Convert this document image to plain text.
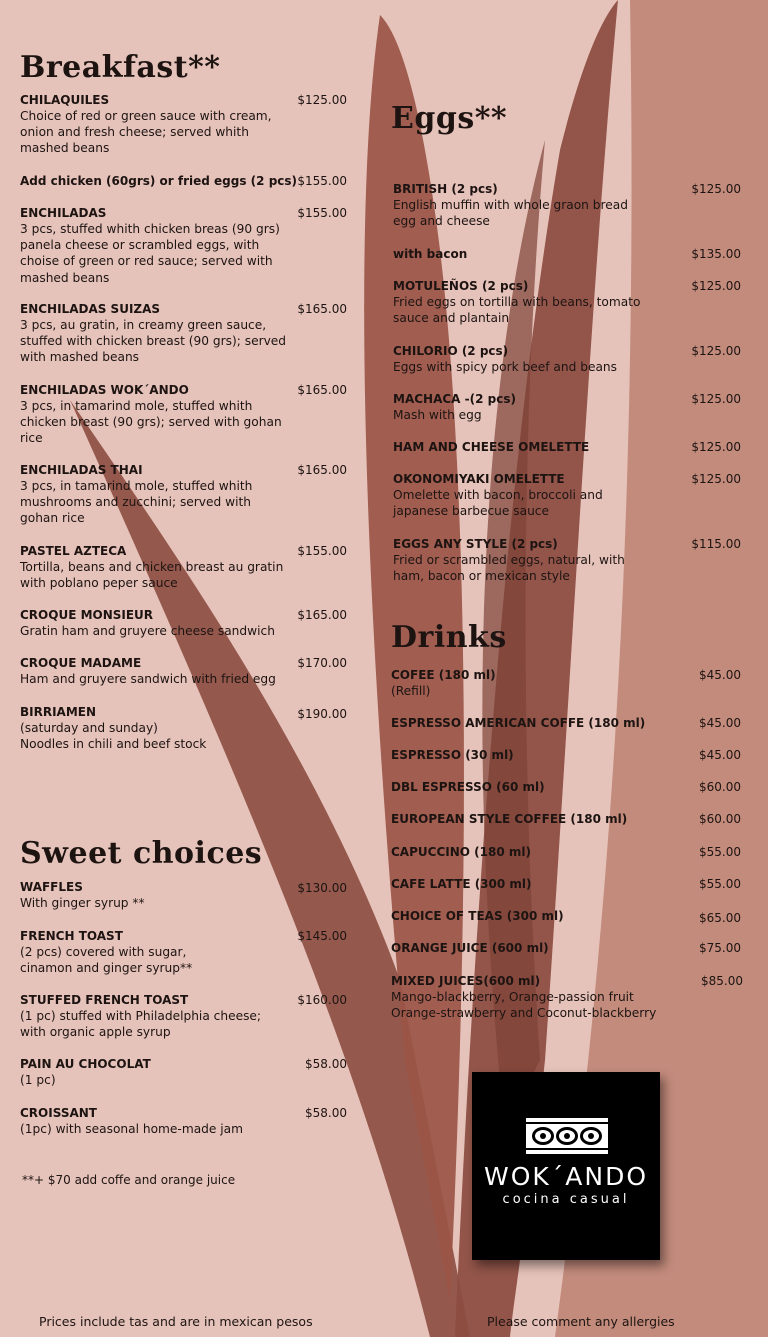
Breakfast**
CHILAQUILES
Choice of red or green sauce with cream, onion and fresh cheese; served whith mashed beans
$125.00
Add chicken (60grs) or fried eggs (2 pcs) $155.00
ENCHILADAS
3 pcs, stuffed whith chicken breas (90 grs) panela cheese or scrambled eggs, with choise of green or red sauce; served with mashed beans
$155.00
ENCHILADAS SUIZAS
3 pcs, au gratin, in creamy green sauce, stuffed with chicken breast (90 grs); served with mashed beans
$165.00
ENCHILADAS WOK´ANDO
3 pcs, in tamarind mole, stuffed whith chicken breast (90 grs); served with gohan rice
$165.00
ENCHILADAS THAI
3 pcs, in tamarind mole, stuffed whith mushrooms and zucchini; served with gohan rice
$165.00
PASTEL AZTECA
Tortilla, beans and chicken breast au gratin with poblano peper sauce
$155.00
CROQUE MONSIEUR
Gratin ham and gruyere cheese sandwich
$165.00
CROQUE MADAME
Ham and gruyere sandwich with fried egg
$170.00
BIRRIAMEN
(saturday and sunday)
Noodles in chili and beef stock
$190.00
Sweet choices
WAFFLES
With ginger syrup **
$130.00
FRENCH TOAST
(2 pcs) covered with sugar, cinamon and ginger syrup**
$145.00
STUFFED FRENCH TOAST
(1 pc) stuffed with Philadelphia cheese; with organic apple syrup
$160.00
PAIN AU CHOCOLAT
(1 pc)
$58.00
CROISSANT
(1pc) with seasonal home-made jam
$58.00
**+ $70 add coffe and orange juice
Eggs**
BRITISH (2 pcs)
English muffin with whole graon bread egg and cheese
$125.00
with bacon	$135.00
MOTULEÑOS (2 pcs)
Fried eggs on tortilla with beans, tomato sauce and plantain
$125.00
CHILORIO (2 pcs)
Eggs with spicy pork beef and beans
$125.00
MACHACA -(2 pcs)
Mash with egg
$125.00
HAM AND CHEESE OMELETTE	$125.00
OKONOMIYAKI OMELETTE
Omelette with bacon, broccoli and japanese barbecue sauce
$125.00
EGGS ANY STYLE (2 pcs)
Fried or scrambled eggs, natural, with ham, bacon or mexican style
$115.00
Drinks
COFEE (180 ml)
(Refill)
$45.00
ESPRESSO AMERICAN COFFE (180 ml)	$45.00
ESPRESSO (30 ml)	$45.00
DBL ESPRESSO (60 ml)	$60.00
EUROPEAN STYLE COFFEE (180 ml)	$60.00
CAPUCCINO (180 ml)	$55.00
CAFE LATTE (300 ml)	$55.00
CHOICE OF TEAS (300 ml)	$65.00
ORANGE JUICE (600 ml)	$75.00
MIXED JUICES(600 ml)
Mango-blackberry, Orange-passion fruit
Orange-strawberry and Coconut-blackberry
$85.00
WOK´ANDO
cocina casual
Prices include tas and are in mexican pesos	Please comment any allergies
